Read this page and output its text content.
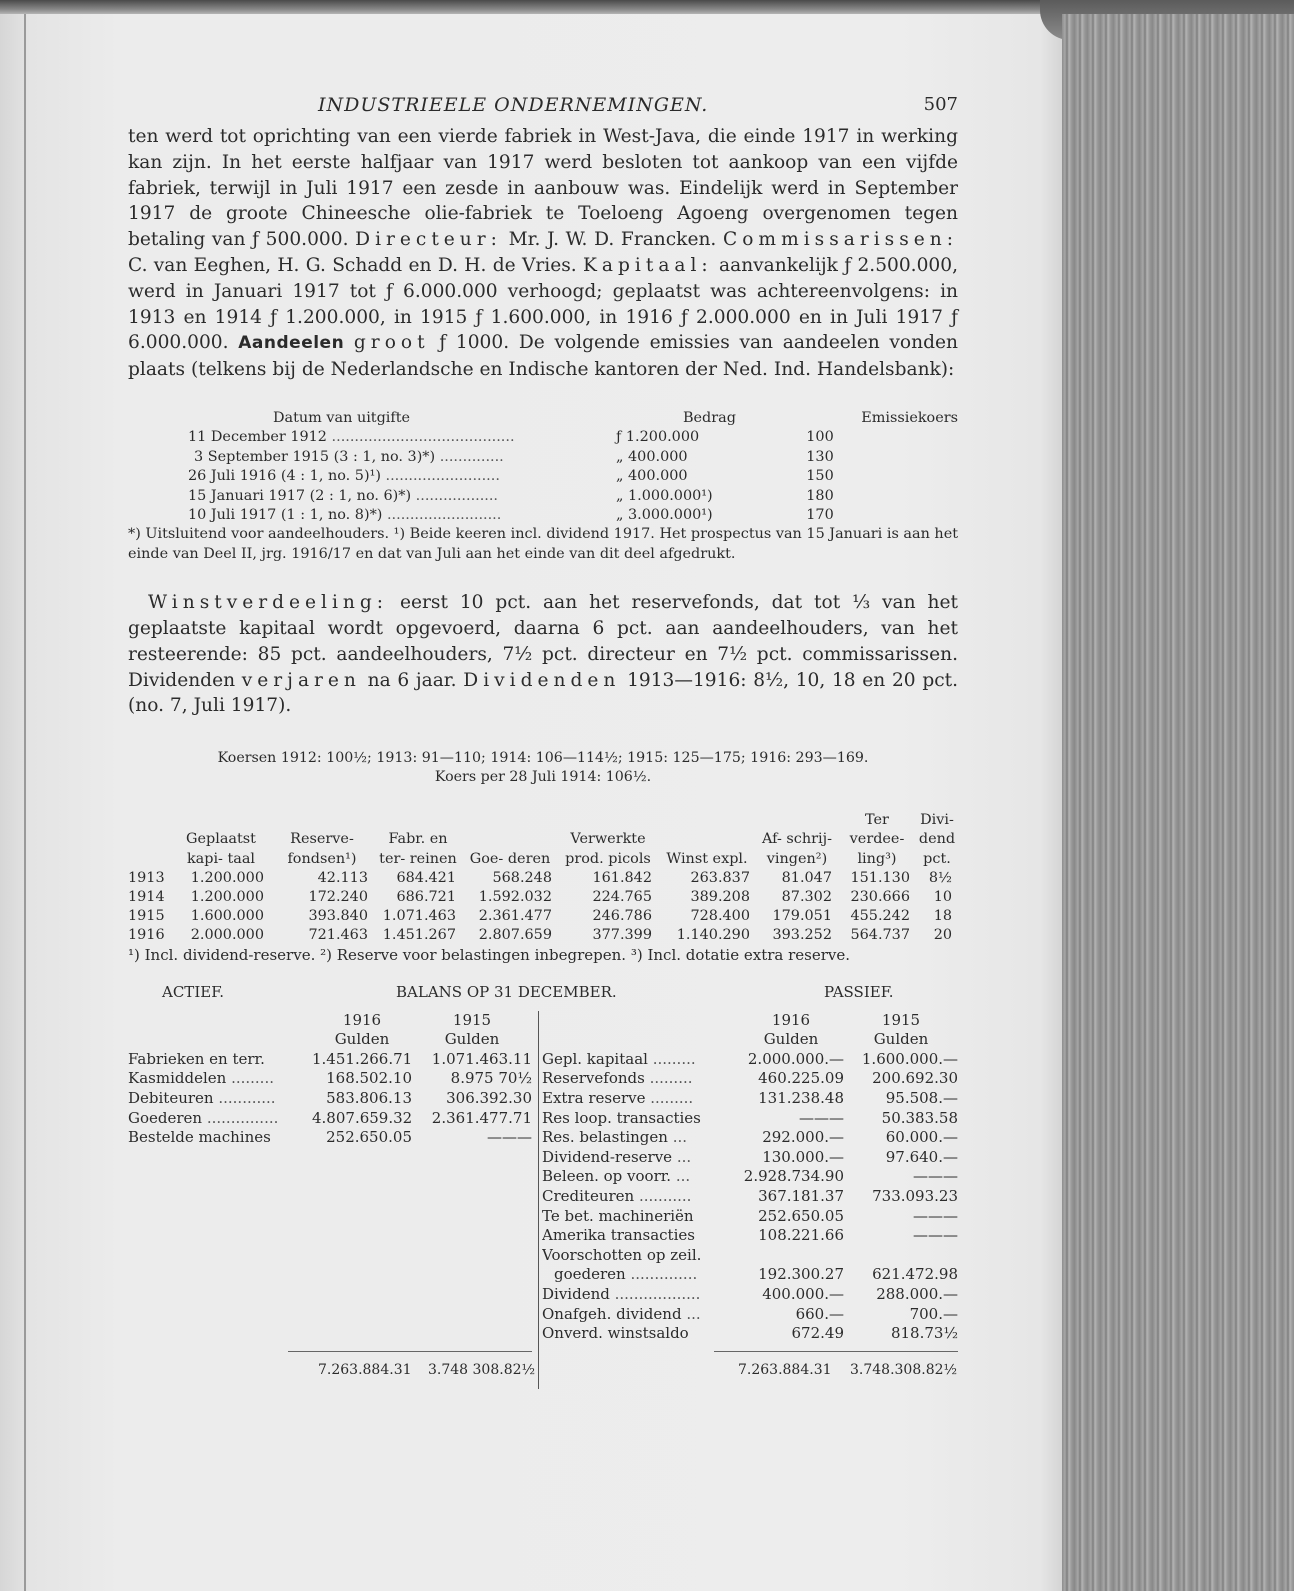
INDUSTRIEELE ONDERNEMINGEN.	507

ten werd tot oprichting van een vierde fabriek in West-Java, die einde 1917 in werking kan zijn. In het eerste halfjaar van 1917 werd besloten tot aankoop van een vijfde fabriek, terwijl in Juli 1917 een zesde in aanbouw was. Eindelijk werd in September 1917 de groote Chineesche olie-fabriek te Toeloeng Agoeng overgenomen tegen betaling van ƒ 500.000. Directeur: Mr. J. W. D. Francken. Commissarissen: C. van Eeghen, H. G. Schadd en D. H. de Vries. Kapitaal: aanvankelijk ƒ 2.500.000, werd in Januari 1917 tot ƒ 6.000.000 verhoogd; geplaatst was achtereenvolgens: in 1913 en 1914 ƒ 1.200.000, in 1915 ƒ 1.600.000, in 1916 ƒ 2.000.000 en in Juli 1917 ƒ 6.000.000. Aandeelen groot ƒ 1000. De volgende emissies van aandeelen vonden plaats (telkens bij de Nederlandsche en Indische kantoren der Ned. Ind. Handelsbank):

Datum van uitgifte	Bedrag	Emissiekoers
11 December 1912 ........................................	ƒ 1.200.000	100
3 September 1915 (3 : 1, no. 3)*) ..............	„ 400.000	130
26 Juli 1916 (4 : 1, no. 5)¹) .........................	„ 400.000	150
15 Januari 1917 (2 : 1, no. 6)*) ..................	„ 1.000.000¹)	180
10 Juli 1917 (1 : 1, no. 8)*) .........................	„ 3.000.000¹)	170

*) Uitsluitend voor aandeelhouders. ¹) Beide keeren incl. dividend 1917. Het prospectus van 15 Januari is aan het einde van Deel II, jrg. 1916/17 en dat van Juli aan het einde van dit deel afgedrukt.

Winstverdeeling: eerst 10 pct. aan het reservefonds, dat tot ⅓ van het geplaatste kapitaal wordt opgevoerd, daarna 6 pct. aan aandeelhouders, van het resteerende: 85 pct. aandeelhouders, 7½ pct. directeur en 7½ pct. commissarissen. Dividenden verjaren na 6 jaar. Dividenden 1913—1916: 8½, 10, 18 en 20 pct. (no. 7, Juli 1917).

Koersen 1912: 100½; 1913: 91—110; 1914: 106—114½; 1915: 125—175; 1916: 293—169.
Koers per 28 Juli 1914: 106½.
	Geplaatst kapi- taal	Reserve- fondsen¹)	Fabr. en ter- reinen	Goe- deren	Verwerkte prod. picols	Winst expl.	Af- schrij- vingen²)	Ter verdee- ling³)	Divi- dend pct.
1913	1.200.000	42.113	684.421	568.248	161.842	263.837	81.047	151.130	8½
1914	1.200.000	172.240	686.721	1.592.032	224.765	389.208	87.302	230.666	10
1915	1.600.000	393.840	1.071.463	2.361.477	246.786	728.400	179.051	455.242	18
1916	2.000.000	721.463	1.451.267	2.807.659	377.399	1.140.290	393.252	564.737	20

¹) Incl. dividend-reserve. ²) Reserve voor belastingen inbegrepen. ³) Incl. dotatie extra reserve.

ACTIEF.	BALANS OP 31 DECEMBER.	PASSIEF.
1916	1915
Gulden	Gulden
Fabrieken en terr.	1.451.266.71	1.071.463.11
Kasmiddelen .........	168.502.10	8.975 70½
Debiteuren ............	583.806.13	306.392.30
Goederen ...............	4.807.659.32	2.361.477.71
Bestelde machines	252.650.05	———
1916	1915
Gulden	Gulden
Gepl. kapitaal .........	2.000.000.—	1.600.000.—
Reservefonds .........	460.225.09	200.692.30
Extra reserve .........	131.238.48	95.508.—
Res loop. transacties	———	50.383.58
Res. belastingen ...	292.000.—	60.000.—
Dividend-reserve ...	130.000.—	97.640.—
Beleen. op voorr. ...	2.928.734.90	———
Crediteuren ...........	367.181.37	733.093.23
Te bet. machineriën	252.650.05	———
Amerika transacties	108.221.66	———
Voorschotten op zeil.
goederen ..............	192.300.27	621.472.98
Dividend ..................	400.000.—	288.000.—
Onafgeh. dividend ...	660.—	700.—
Onverd. winstsaldo	672.49	818.73½
7.263.884.31 3.748 308.82½	7.263.884.31 3.748.308.82½
